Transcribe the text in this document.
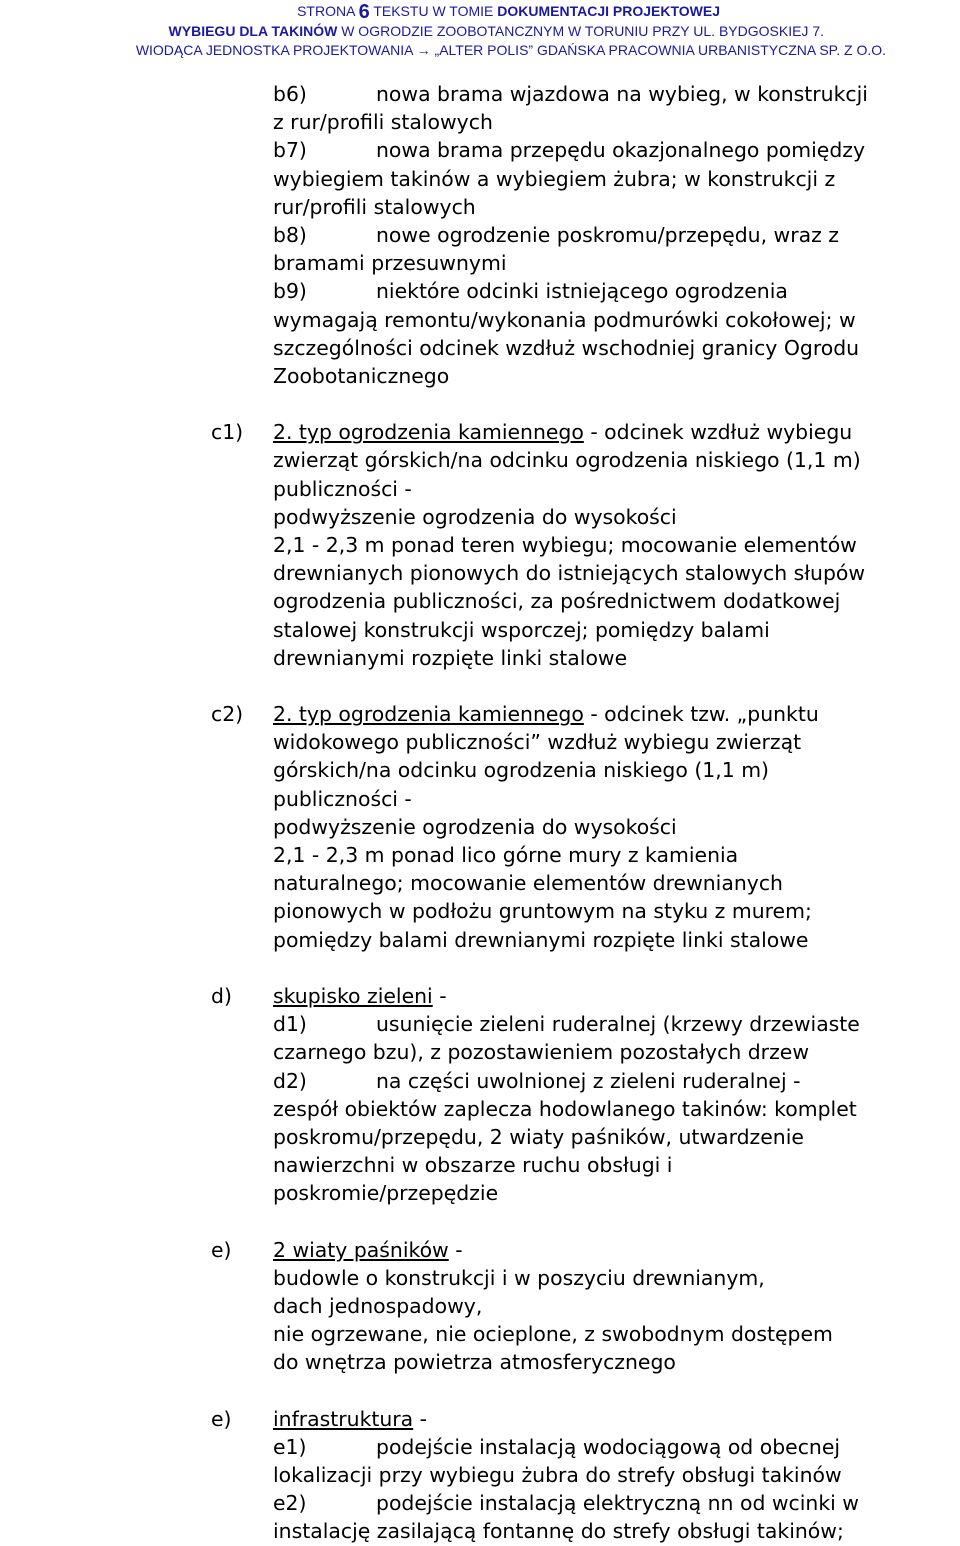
STRONA 6 TEKSTU W TOMIE DOKUMENTACJI PROJEKTOWEJ
WYBIEGU DLA TAKINÓW W OGRODZIE ZOOBOTANCZNYM W TORUNIU PRZY UL. BYDGOSKIEJ 7.
WIODĄCA JEDNOSTKA PROJEKTOWANIA → „ALTER POLIS” GDAŃSKA PRACOWNIA URBANISTYCZNA SP. Z O.O.
b6)	nowa brama wjazdowa na wybieg, w konstrukcji
z rur/profili stalowych
b7)	nowa brama przepędu okazjonalnego pomiędzy
wybiegiem takinów a wybiegiem żubra; w konstrukcji z
rur/profili stalowych
b8)	nowe ogrodzenie poskromu/przepędu, wraz z
bramami przesuwnymi
b9)	niektóre odcinki istniejącego ogrodzenia
wymagają remontu/wykonania podmurówki cokołowej; w
szczególności odcinek wzdłuż wschodniej granicy Ogrodu
Zoobotanicznego
c1) 2. typ ogrodzenia kamiennego - odcinek wzdłuż wybiegu
zwierząt górskich/na odcinku ogrodzenia niskiego (1,1 m)
publiczności -
podwyższenie ogrodzenia do wysokości
2,1 - 2,3 m ponad teren wybiegu; mocowanie elementów
drewnianych pionowych do istniejących stalowych słupów
ogrodzenia publiczności, za pośrednictwem dodatkowej
stalowej konstrukcji wsporczej; pomiędzy balami
drewnianymi rozpięte linki stalowe
c2) 2. typ ogrodzenia kamiennego - odcinek tzw. „punktu
widokowego publiczności” wzdłuż wybiegu zwierząt
górskich/na odcinku ogrodzenia niskiego (1,1 m)
publiczności -
podwyższenie ogrodzenia do wysokości
2,1 - 2,3 m ponad lico górne mury z kamienia
naturalnego; mocowanie elementów drewnianych
pionowych w podłożu gruntowym na styku z murem;
pomiędzy balami drewnianymi rozpięte linki stalowe
d) skupisko zieleni -
d1)	usunięcie zieleni ruderalnej (krzewy drzewiaste
czarnego bzu), z pozostawieniem pozostałych drzew
d2)	na części uwolnionej z zieleni ruderalnej -
zespół obiektów zaplecza hodowlanego takinów: komplet
poskromu/przepędu, 2 wiaty paśników, utwardzenie
nawierzchni w obszarze ruchu obsługi i
poskromie/przepędzie
e) 2 wiaty paśników -
budowle o konstrukcji i w poszyciu drewnianym,
dach jednospadowy,
nie ogrzewane, nie ocieplone, z swobodnym dostępem
do wnętrza powietrza atmosferycznego
e) infrastruktura -
e1)	podejście instalacją wodociągową od obecnej
lokalizacji przy wybiegu żubra do strefy obsługi takinów
e2)	podejście instalacją elektryczną nn od wcinki w
instalację zasilającą fontannę do strefy obsługi takinów;
